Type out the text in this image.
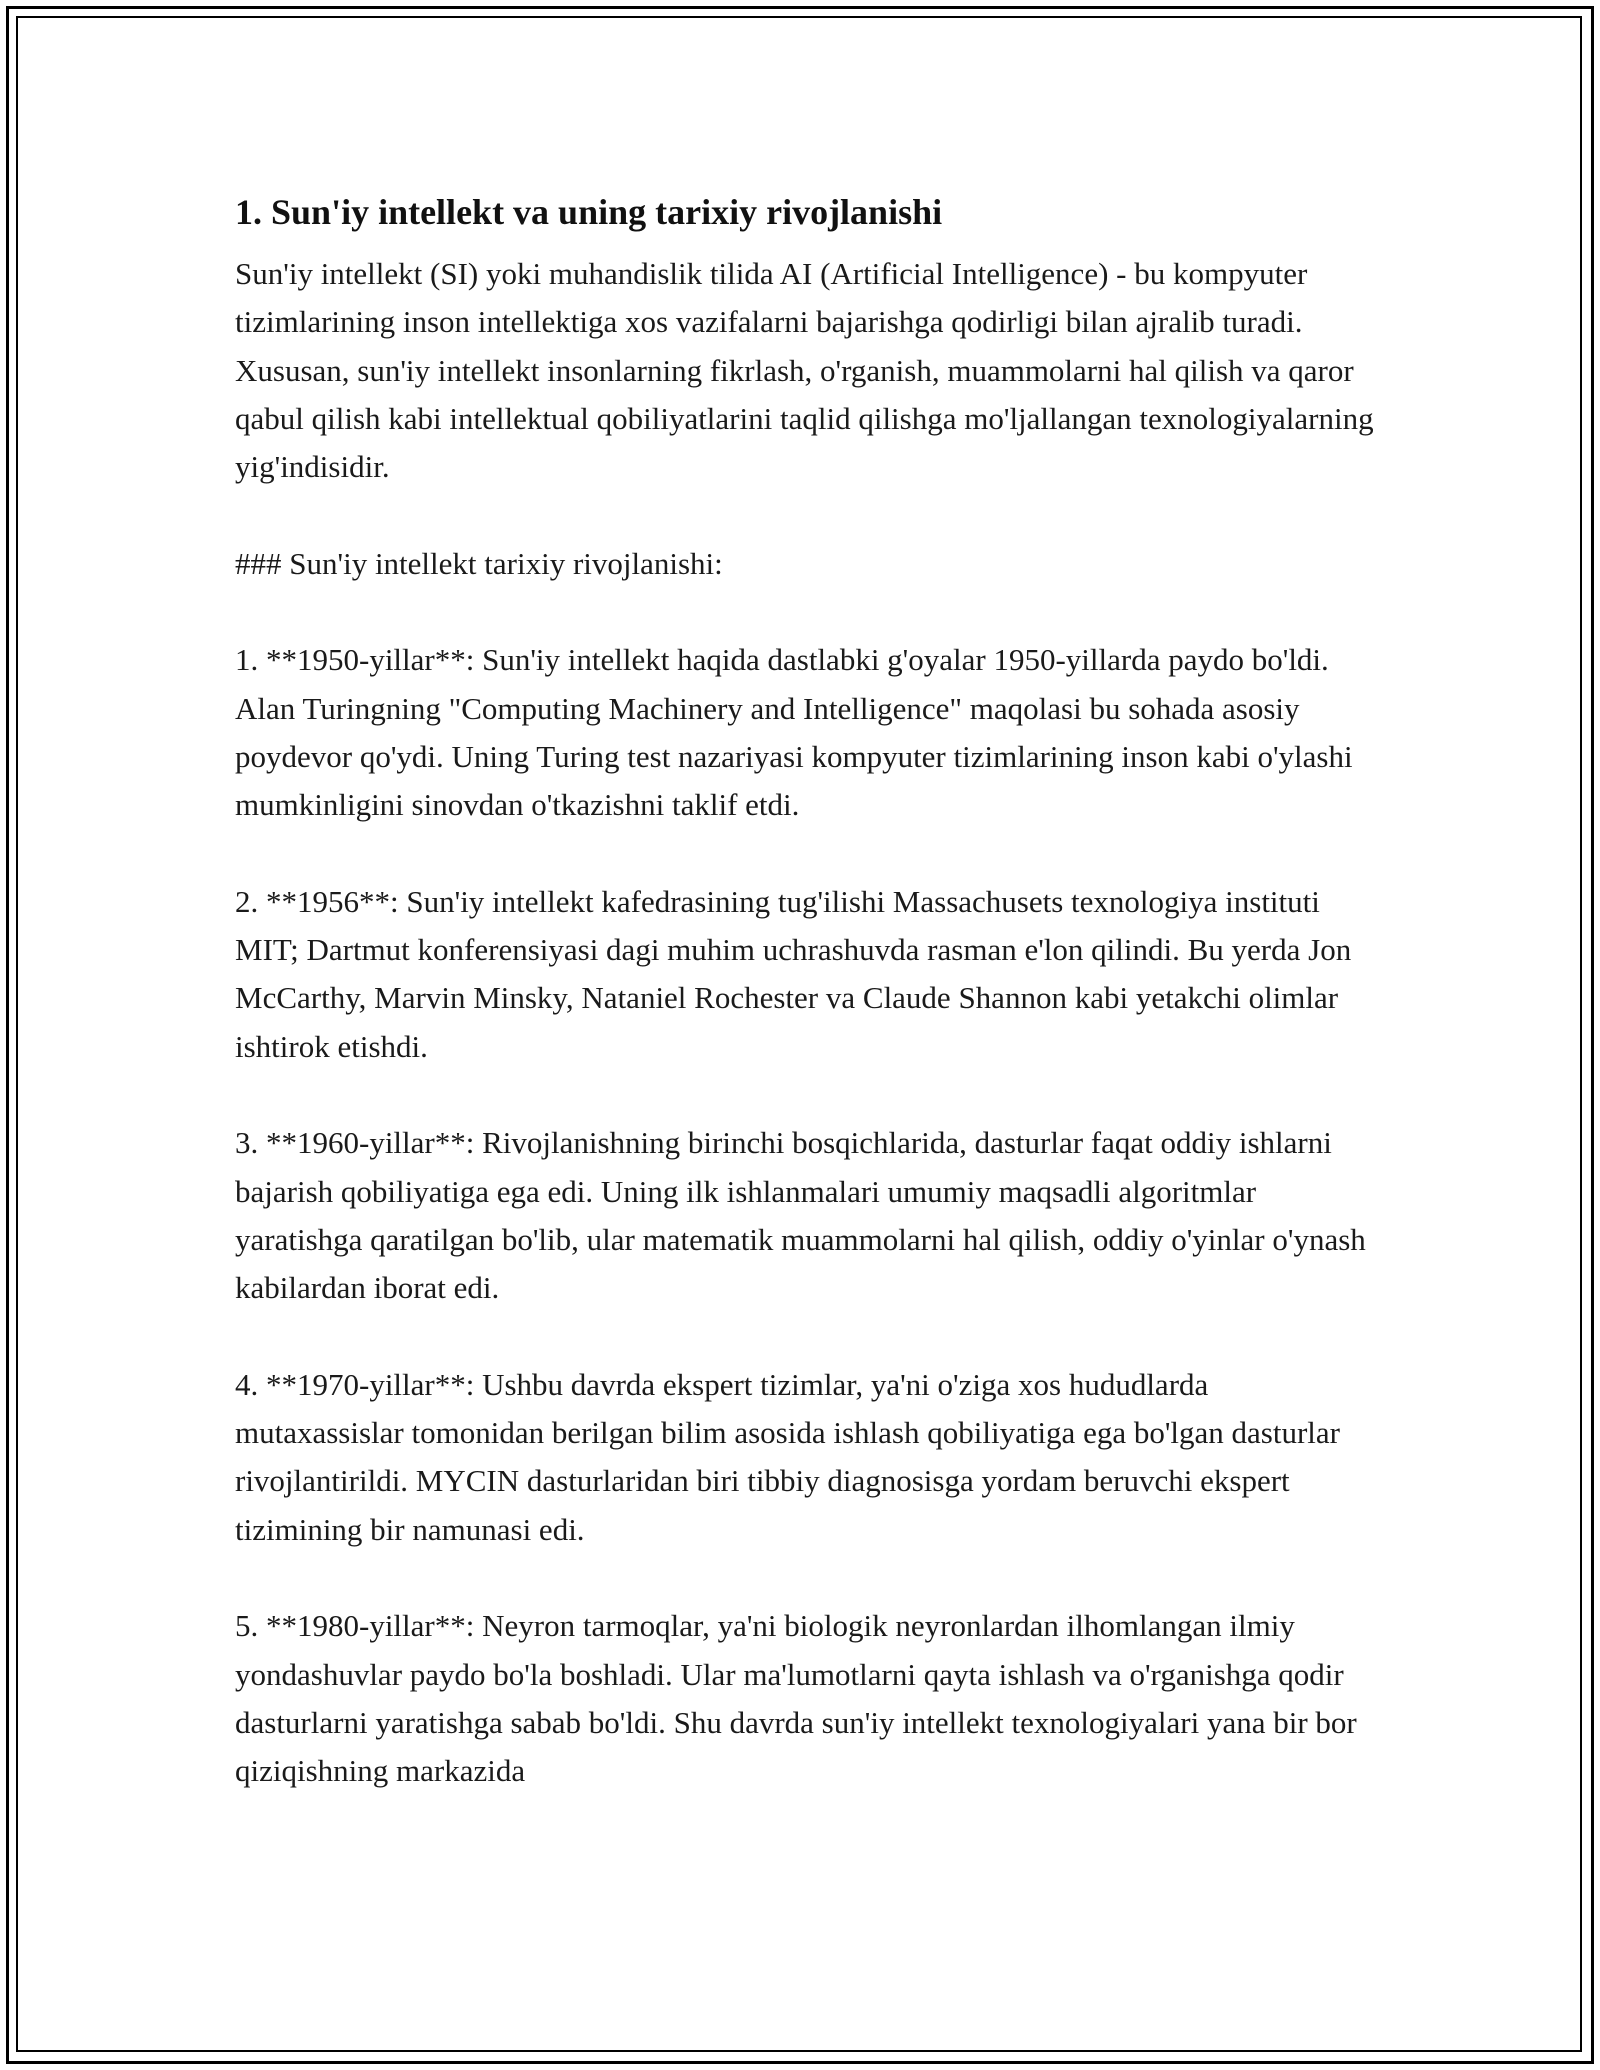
1. Sun'iy intellekt va uning tarixiy rivojlanishi

Sun'iy intellekt (SI) yoki muhandislik tilida AI (Artificial Intelligence) - bu kompyuter tizimlarining inson intellektiga xos vazifalarni bajarishga qodirligi bilan ajralib turadi. Xususan, sun'iy intellekt insonlarning fikrlash, o'rganish, muammolarni hal qilish va qaror qabul qilish kabi intellektual qobiliyatlarini taqlid qilishga mo'ljallangan texnologiyalarning yig'indisidir.

### Sun'iy intellekt tarixiy rivojlanishi:

1. **1950-yillar**: Sun'iy intellekt haqida dastlabki g'oyalar 1950-yillarda paydo bo'ldi. Alan Turingning "Computing Machinery and Intelligence" maqolasi bu sohada asosiy poydevor qo'ydi. Uning Turing test nazariyasi kompyuter tizimlarining inson kabi o'ylashi mumkinligini sinovdan o'tkazishni taklif etdi.

2. **1956**: Sun'iy intellekt kafedrasining tug'ilishi Massachusets texnologiya instituti MIT; Dartmut konferensiyasi dagi muhim uchrashuvda rasman e'lon qilindi. Bu yerda Jon McCarthy, Marvin Minsky, Nataniel Rochester va Claude Shannon kabi yetakchi olimlar ishtirok etishdi.

3. **1960-yillar**: Rivojlanishning birinchi bosqichlarida, dasturlar faqat oddiy ishlarni bajarish qobiliyatiga ega edi. Uning ilk ishlanmalari umumiy maqsadli algoritmlar yaratishga qaratilgan bo'lib, ular matematik muammolarni hal qilish, oddiy o'yinlar o'ynash kabilardan iborat edi.

4. **1970-yillar**: Ushbu davrda ekspert tizimlar, ya'ni o'ziga xos hududlarda mutaxassislar tomonidan berilgan bilim asosida ishlash qobiliyatiga ega bo'lgan dasturlar rivojlantirildi. MYCIN dasturlaridan biri tibbiy diagnosisga yordam beruvchi ekspert tizimining bir namunasi edi.

5. **1980-yillar**: Neyron tarmoqlar, ya'ni biologik neyronlardan ilhomlangan ilmiy yondashuvlar paydo bo'la boshladi. Ular ma'lumotlarni qayta ishlash va o'rganishga qodir dasturlarni yaratishga sabab bo'ldi. Shu davrda sun'iy intellekt texnologiyalari yana bir bor qiziqishning markazida
